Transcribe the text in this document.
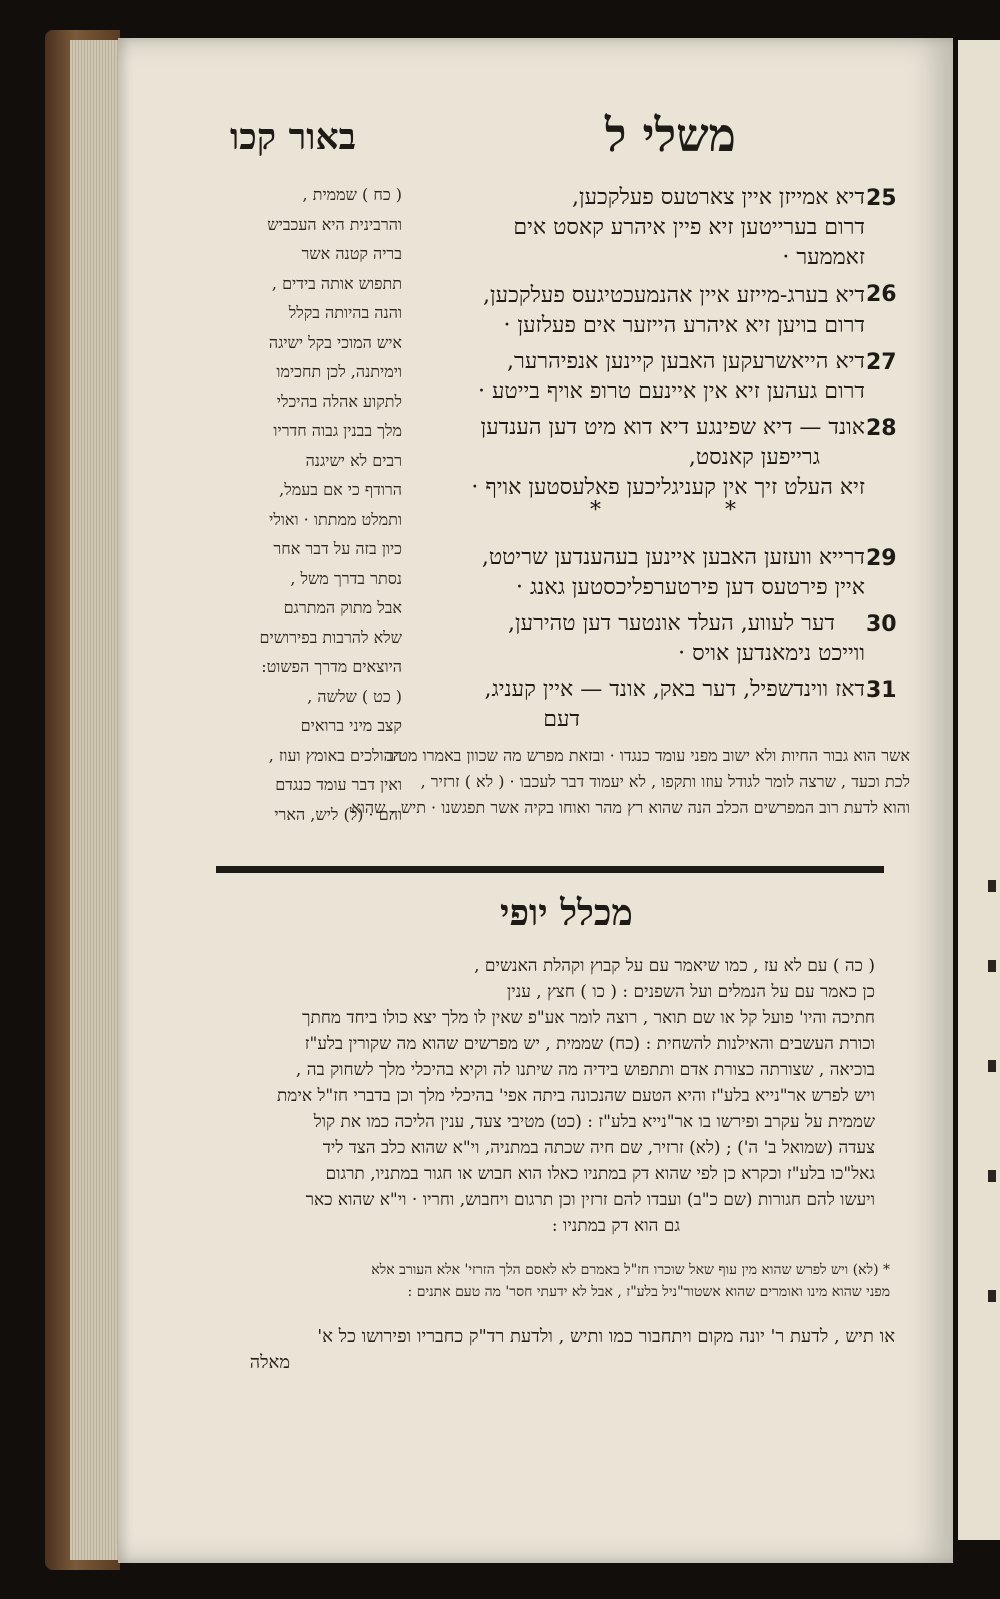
באור קכו	משלי ל
25
דיא אמייזן איין צארטעס פעלקכען,
דרום בערייטען זיא פיין איהרע קאסט אים
זאממער ·
26
דיא בערג-מייזע איין אהנמעכטיגעס פעלקכען,
דרום בויען זיא איהרע הייזער אים פעלזען ·
27
דיא הייאשרעקען האבען קיינען אנפיהרער,
דרום געהען זיא אין איינעם טרופ אויף בייטע ·
28
אונד — דיא שפינגע דיא דוא מיט דען הענדען
גרייפען קאנסט,
זיא העלט זיך אין קעניגליכען פאלעסטען אויף ·
*	*
29
דרייא וועזען האבען איינען בעהענדען שריטט,
איין פירטעס דען פירטערפליכסטען גאנג ·
30
דער לעווע, העלד אונטער דען טהירען,
ווייכט נימאנדען אויס ·
31
דאז ווינדשפיל, דער באק, אונד — איין קעניג,
דעם
( כח ) שממית ,
והרבינית היא העכביש
בריה קטנה אשר
תתפוש אותה בידים ,
והנה בהיותה בקלל
איש המוכי בקל ישיגה
וימיתנה, לכן תחכימו
לתקוע אהלה בהיכלי
מלך בבנין גבוה חדריו
רבים לא ישיגנה
הרודף כי אם בעמל,
ותמלט ממתתו · ואולי
כיון בזה על דבר אחר
נסתר בדרך משל ,
אבל מתוק המתרגם
שלא להרבות בפירושים
היוצאים מדרך הפשוט:
( כט ) שלשה ,
קצב מיני ברואים
ההולכים באומץ ועוז ,
ואין דבר עומד כנגדם
והם · (ל) ליש, הארי
אשר הוא גבור החיות ולא ישוב מפני עומד כנגדו · ובזאת מפרש מה שכוון באמרו מטיב
לכת וכעד , שרצה לומר לגודל עוזו ותקפו , לא יעמוד דבר לעכבו · ( לא ) זרזיר ,
והוא לדעת רוב המפרשים הכלב הנה שהוא רץ מהר ואוחו בקיה אשר תפגשנו · תיש , שהוא
מכלל יופי
( כה ) עם לא עז , כמו שיאמר עם על קבוץ וקהלת האנשים ,
כן כאמר עם על הנמלים ועל השפנים : ( כו ) חצץ , ענין
חתיכה והיו' פועל קל או שם תואר , רוצה לומר אע"פ שאין לו מלך יצא כולו ביחד מחתך
וכורת העשבים והאילנות להשחית : (כח) שממית , יש מפרשים שהוא מה שקורין בלע"ז
בוכיאה , שצורתה כצורת אדם ותתפוש בידיה מה שיתנו לה וקיא בהיכלי מלך לשחוק בה ,
ויש לפרש אר"נייא בלע"ז והיא הטעם שהנכונה ביתה אפי' בהיכלי מלך וכן בדברי חז"ל אימת
שממית על עקרב ופירשו בו אר"נייא בלע"ז : (כט) מטיבי צעד, ענין הליכה כמו את קול
צעדה (שמואל ב' ה') ; (לא) זרזיר, שם חיה שכתה במתניה, וי"א שהוא כלב הצד ליד
גאל"כו בלע"ז וכקרא כן לפי שהוא דק במתניו כאלו הוא חבוש או חגור במתניו, תרגום
ויעשו להם חגורות (שם כ"ב) ועבדו להם זרזין וכן תרגום ויחבוש, וחריו · וי"א שהוא כאר
גם הוא דק במתניו :
* (לא) ויש לפרש שהוא מין עוף שאל שוכרו חז"ל באמרם לא לאסם הלך הזרזי' אלא העורב אלא
מפני שהוא מינו ואומרים שהוא אשטור"ניל בלע"ז , אבל לא ידעתי חסר' מה טעם אתנים :
או תיש , לדעת ר' יונה מקום ויתחבור כמו ותיש , ולדעת רד"ק כחבריו ופירושו כל א'
מאלה
